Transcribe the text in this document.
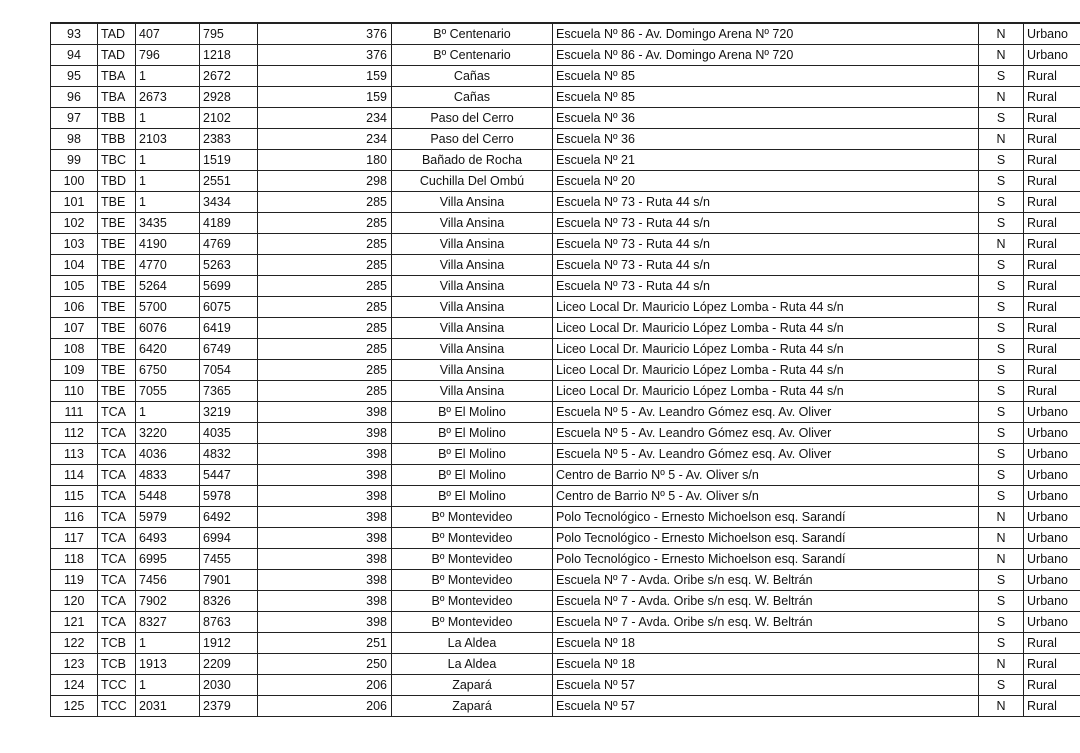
93	TAD	407	795	376	Bº Centenario	Escuela Nº 86 - Av. Domingo Arena Nº 720	N	Urbano
94	TAD	796	1218	376	Bº Centenario	Escuela Nº 86 - Av. Domingo Arena Nº 720	N	Urbano
95	TBA	1	2672	159	Cañas	Escuela Nº 85	S	Rural
96	TBA	2673	2928	159	Cañas	Escuela Nº 85	N	Rural
97	TBB	1	2102	234	Paso del Cerro	Escuela Nº 36	S	Rural
98	TBB	2103	2383	234	Paso del Cerro	Escuela Nº 36	N	Rural
99	TBC	1	1519	180	Bañado de Rocha	Escuela Nº 21	S	Rural
100	TBD	1	2551	298	Cuchilla Del Ombú	Escuela Nº 20	S	Rural
101	TBE	1	3434	285	Villa Ansina	Escuela Nº 73 - Ruta 44 s/n	S	Rural
102	TBE	3435	4189	285	Villa Ansina	Escuela Nº 73 - Ruta 44 s/n	S	Rural
103	TBE	4190	4769	285	Villa Ansina	Escuela Nº 73 - Ruta 44 s/n	N	Rural
104	TBE	4770	5263	285	Villa Ansina	Escuela Nº 73 - Ruta 44 s/n	S	Rural
105	TBE	5264	5699	285	Villa Ansina	Escuela Nº 73 - Ruta 44 s/n	S	Rural
106	TBE	5700	6075	285	Villa Ansina	Liceo Local Dr. Mauricio López Lomba - Ruta 44 s/n	S	Rural
107	TBE	6076	6419	285	Villa Ansina	Liceo Local Dr. Mauricio López Lomba - Ruta 44 s/n	S	Rural
108	TBE	6420	6749	285	Villa Ansina	Liceo Local Dr. Mauricio López Lomba - Ruta 44 s/n	S	Rural
109	TBE	6750	7054	285	Villa Ansina	Liceo Local Dr. Mauricio López Lomba - Ruta 44 s/n	S	Rural
110	TBE	7055	7365	285	Villa Ansina	Liceo Local Dr. Mauricio López Lomba - Ruta 44 s/n	S	Rural
111	TCA	1	3219	398	Bº El Molino	Escuela Nº 5 - Av. Leandro Gómez esq. Av. Oliver	S	Urbano
112	TCA	3220	4035	398	Bº El Molino	Escuela Nº 5 - Av. Leandro Gómez esq. Av. Oliver	S	Urbano
113	TCA	4036	4832	398	Bº El Molino	Escuela Nº 5 - Av. Leandro Gómez esq. Av. Oliver	S	Urbano
114	TCA	4833	5447	398	Bº El Molino	Centro de Barrio Nº 5 - Av. Oliver s/n	S	Urbano
115	TCA	5448	5978	398	Bº El Molino	Centro de Barrio Nº 5 - Av. Oliver s/n	S	Urbano
116	TCA	5979	6492	398	Bº Montevideo	Polo Tecnológico - Ernesto Michoelson esq. Sarandí	N	Urbano
117	TCA	6493	6994	398	Bº Montevideo	Polo Tecnológico - Ernesto Michoelson esq. Sarandí	N	Urbano
118	TCA	6995	7455	398	Bº Montevideo	Polo Tecnológico - Ernesto Michoelson esq. Sarandí	N	Urbano
119	TCA	7456	7901	398	Bº Montevideo	Escuela Nº 7 - Avda. Oribe s/n esq. W. Beltrán	S	Urbano
120	TCA	7902	8326	398	Bº Montevideo	Escuela Nº 7 - Avda. Oribe s/n esq. W. Beltrán	S	Urbano
121	TCA	8327	8763	398	Bº Montevideo	Escuela Nº 7 - Avda. Oribe s/n esq. W. Beltrán	S	Urbano
122	TCB	1	1912	251	La Aldea	Escuela Nº 18	S	Rural
123	TCB	1913	2209	250	La Aldea	Escuela Nº 18	N	Rural
124	TCC	1	2030	206	Zapará	Escuela Nº 57	S	Rural
125	TCC	2031	2379	206	Zapará	Escuela Nº 57	N	Rural
